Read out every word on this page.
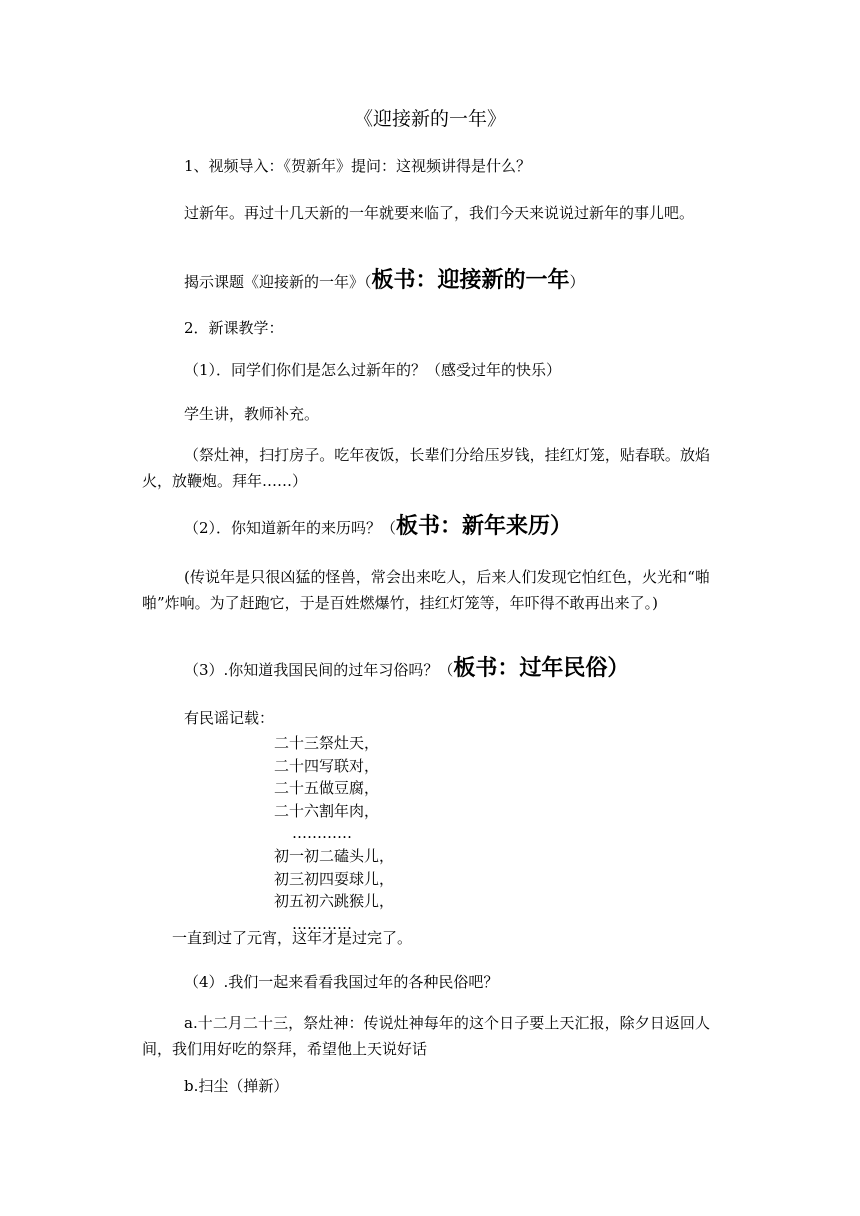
《迎接新的一年》
1、视频导入：《贺新年》提问：这视频讲得是什么？
过新年。再过十几天新的一年就要来临了，我们今天来说说过新年的事儿吧。
揭示课题《迎接新的一年》（板书：迎接新的一年）
2．新课教学：
（1）．同学们你们是怎么过新年的？（感受过年的快乐）
学生讲，教师补充。
（祭灶神，扫打房子。吃年夜饭，长辈们分给压岁钱，挂红灯笼，贴春联。放焰火，放鞭炮。拜年……）
（2）．你知道新年的来历吗？（板书：新年来历）
(传说年是只很凶猛的怪兽，常会出来吃人，后来人们发现它怕红色，火光和“啪啪”炸响。为了赶跑它，于是百姓燃爆竹，挂红灯笼等，年吓得不敢再出来了。)
（3）.你知道我国民间的过年习俗吗？（板书：过年民俗）
有民谣记载：
二十三祭灶天，
二十四写联对，
二十五做豆腐，
二十六割年肉，
…………
初一初二磕头儿，
初三初四耍球儿，
初五初六跳猴儿，
…………
一直到过了元宵，这年才是过完了。
（4）.我们一起来看看我国过年的各种民俗吧？
a.十二月二十三，祭灶神：传说灶神每年的这个日子要上天汇报，除夕日返回人间，我们用好吃的祭拜，希望他上天说好话
b.扫尘（掸新）
